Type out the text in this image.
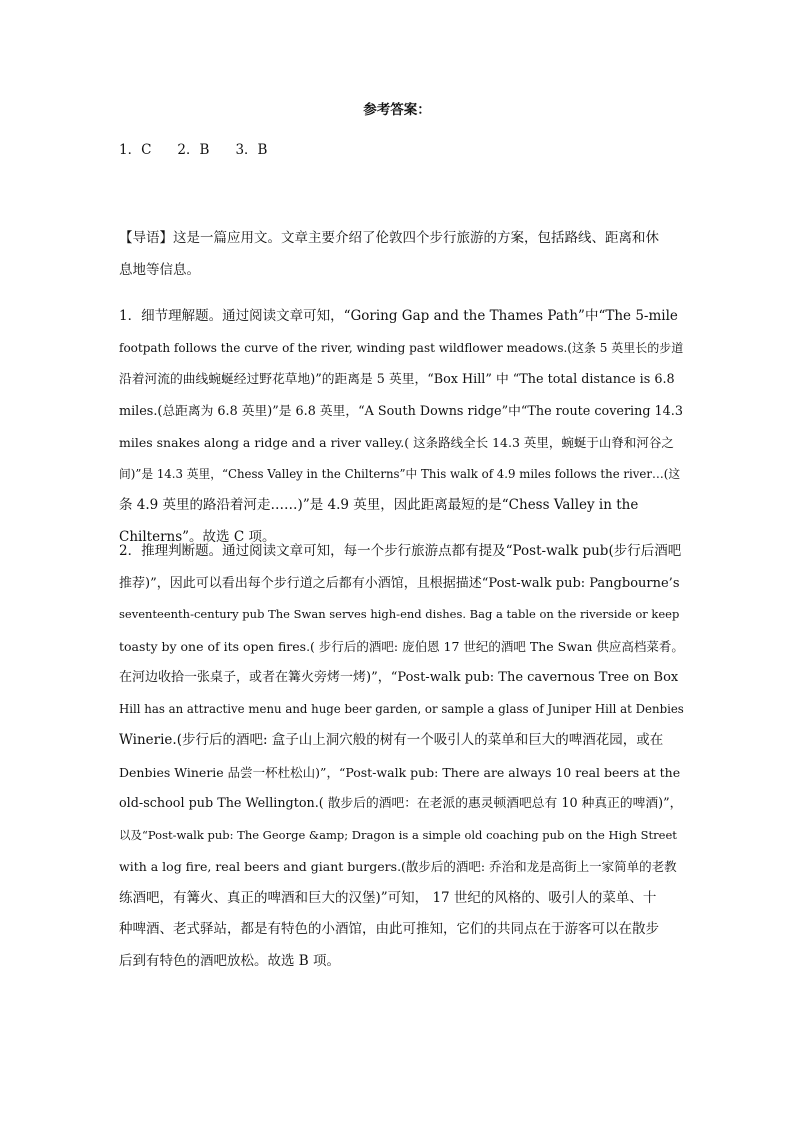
参考答案：
1．C 2．B 3．B
【导语】这是一篇应用文。文章主要介绍了伦敦四个步行旅游的方案，包括路线、距离和休
息地等信息。
1．细节理解题。通过阅读文章可知，“Goring Gap and the Thames Path”中“The 5-mile
footpath follows the curve of the river, winding past wildflower meadows.(这条 5 英里长的步道
沿着河流的曲线蜿蜒经过野花草地)”的距离是 5 英里，“Box Hill” 中 “The total distance is 6.8
miles.(总距离为 6.8 英里)”是 6.8 英里，“A South Downs ridge”中“The route covering 14.3
miles snakes along a ridge and a river valley.( 这条路线全长 14.3 英里，蜿蜒于山脊和河谷之
间)”是 14.3 英里，“Chess Valley in the Chilterns”中 This walk of 4.9 miles follows the river…(这
条 4.9 英里的路沿着河走……)”是 4.9 英里，因此距离最短的是“Chess Valley in the
Chilterns”。故选 C 项。
2．推理判断题。通过阅读文章可知，每一个步行旅游点都有提及“Post-walk pub(步行后酒吧
推荐)”，因此可以看出每个步行道之后都有小酒馆，且根据描述“Post-walk pub: Pangbourne’s
seventeenth-century pub The Swan serves high-end dishes. Bag a table on the riverside or keep
toasty by one of its open fires.( 步行后的酒吧: 庞伯恩 17 世纪的酒吧 The Swan 供应高档菜肴。
在河边收拾一张桌子，或者在篝火旁烤一烤)”，“Post-walk pub: The cavernous Tree on Box
Hill has an attractive menu and huge beer garden, or sample a glass of Juniper Hill at Denbies
Winerie.(步行后的酒吧: 盒子山上洞穴般的树有一个吸引人的菜单和巨大的啤酒花园，或在
Denbies Winerie 品尝一杯杜松山)”，“Post-walk pub: There are always 10 real beers at the
old-school pub The Wellington.( 散步后的酒吧：在老派的惠灵顿酒吧总有 10 种真正的啤酒)”，
以及“Post-walk pub: The George &amp; Dragon is a simple old coaching pub on the High Street
with a log fire, real beers and giant burgers.(散步后的酒吧: 乔治和龙是高街上一家简单的老教
练酒吧，有篝火、真正的啤酒和巨大的汉堡)”可知， 17 世纪的风格的、吸引人的菜单、十
种啤酒、老式驿站，都是有特色的小酒馆，由此可推知，它们的共同点在于游客可以在散步
后到有特色的酒吧放松。故选 B 项。
